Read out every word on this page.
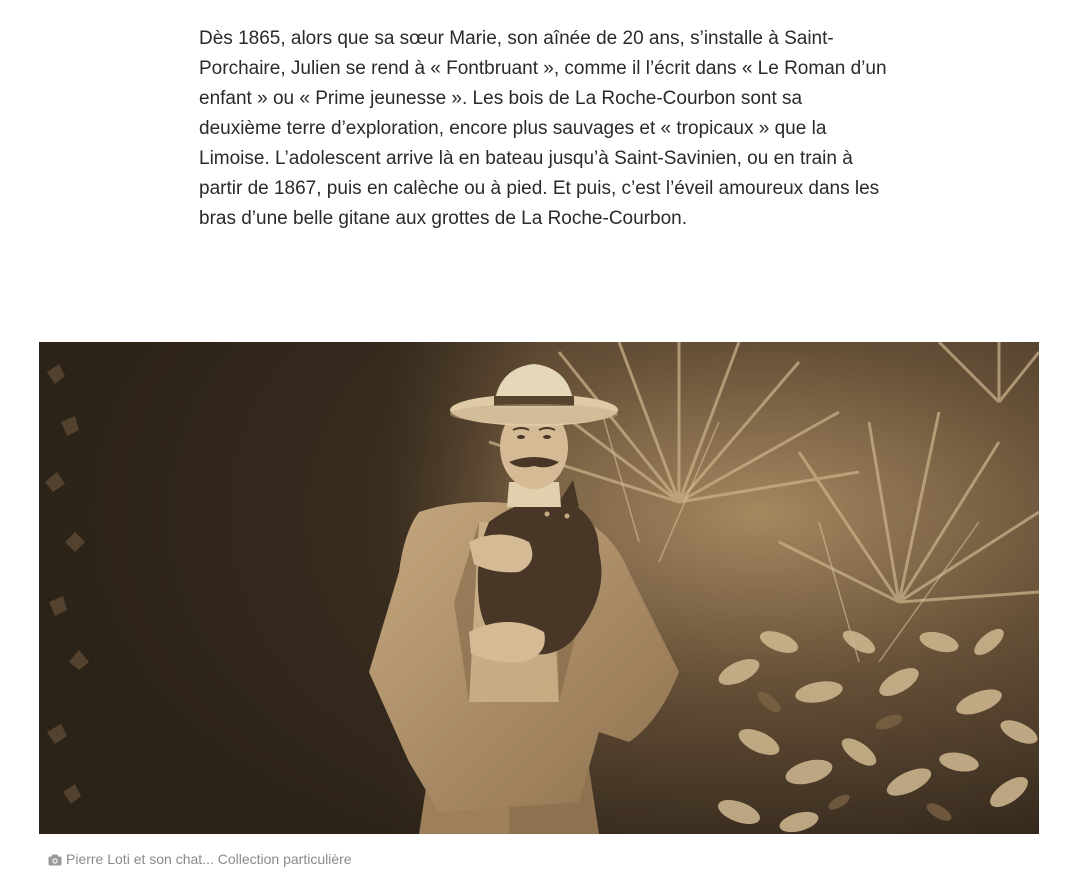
Dès 1865, alors que sa sœur Marie, son aînée de 20 ans, s’installe à Saint-Porchaire, Julien se rend à « Fontbruant », comme il l’écrit dans « Le Roman d’un enfant » ou « Prime jeunesse ». Les bois de La Roche-Courbon sont sa deuxième terre d’exploration, encore plus sauvages et « tropicaux » que la Limoise. L’adolescent arrive là en bateau jusqu’à Saint-Savinien, ou en train à partir de 1867, puis en calèche ou à pied. Et puis, c’est l’éveil amoureux dans les bras d’une belle gitane aux grottes de La Roche-Courbon.

Pierre Loti et son chat... Collection particulière
